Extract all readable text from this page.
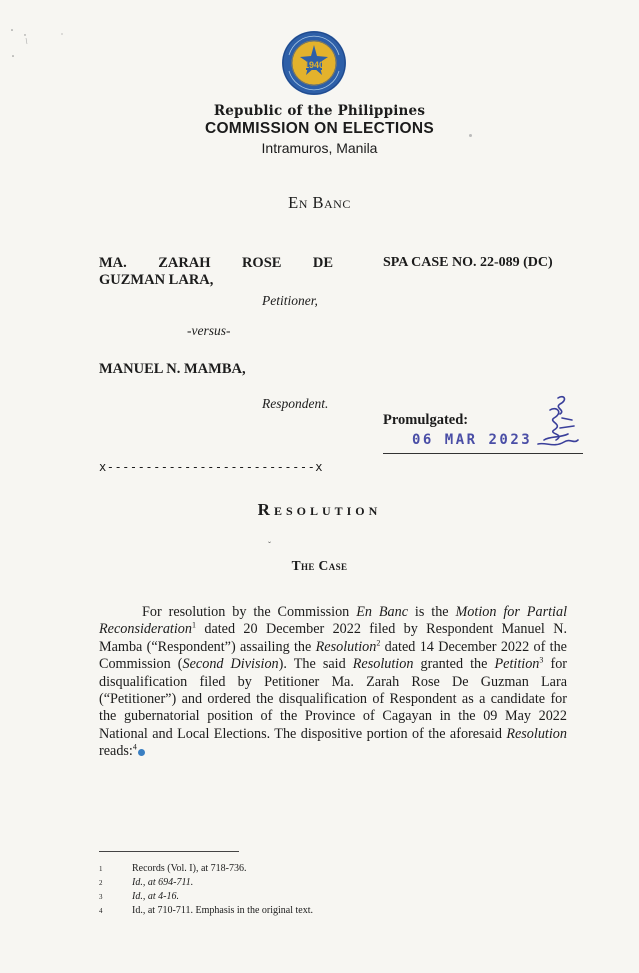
1940
Republic of the Philippines
COMMISSION ON ELECTIONS
Intramuros, Manila
En Banc
MA. ZARAH ROSE DE
GUZMAN LARA,
Petitioner,
SPA CASE NO. 22-089 (DC)
-versus-
MANUEL N. MAMBA,
Respondent.
Promulgated:
06 MAR 2023
x---------------------------x
Resolution
ˇ
The Case

For resolution by the Commission En Banc is the Motion for Partial Reconsideration$^1$ dated 20 December 2022 filed by Respondent Manuel N. Mamba (“Respondent”) assailing the Resolution$^2$ dated 14 December 2022 of the Commission (Second Division). The said Resolution granted the Petition$^3$ for disqualification filed by Petitioner Ma. Zarah Rose De Guzman Lara (“Petitioner”) and ordered the disqualification of Respondent as a candidate for the gubernatorial position of the Province of Cagayan in the 09 May 2022 National and Local Elections. The dispositive portion of the aforesaid Resolution reads:$^4$

1	Records (Vol. I), at 718-736.
2	Id., at 694-711.
3	Id., at 4-16.
4	Id., at 710-711. Emphasis in the original text.
